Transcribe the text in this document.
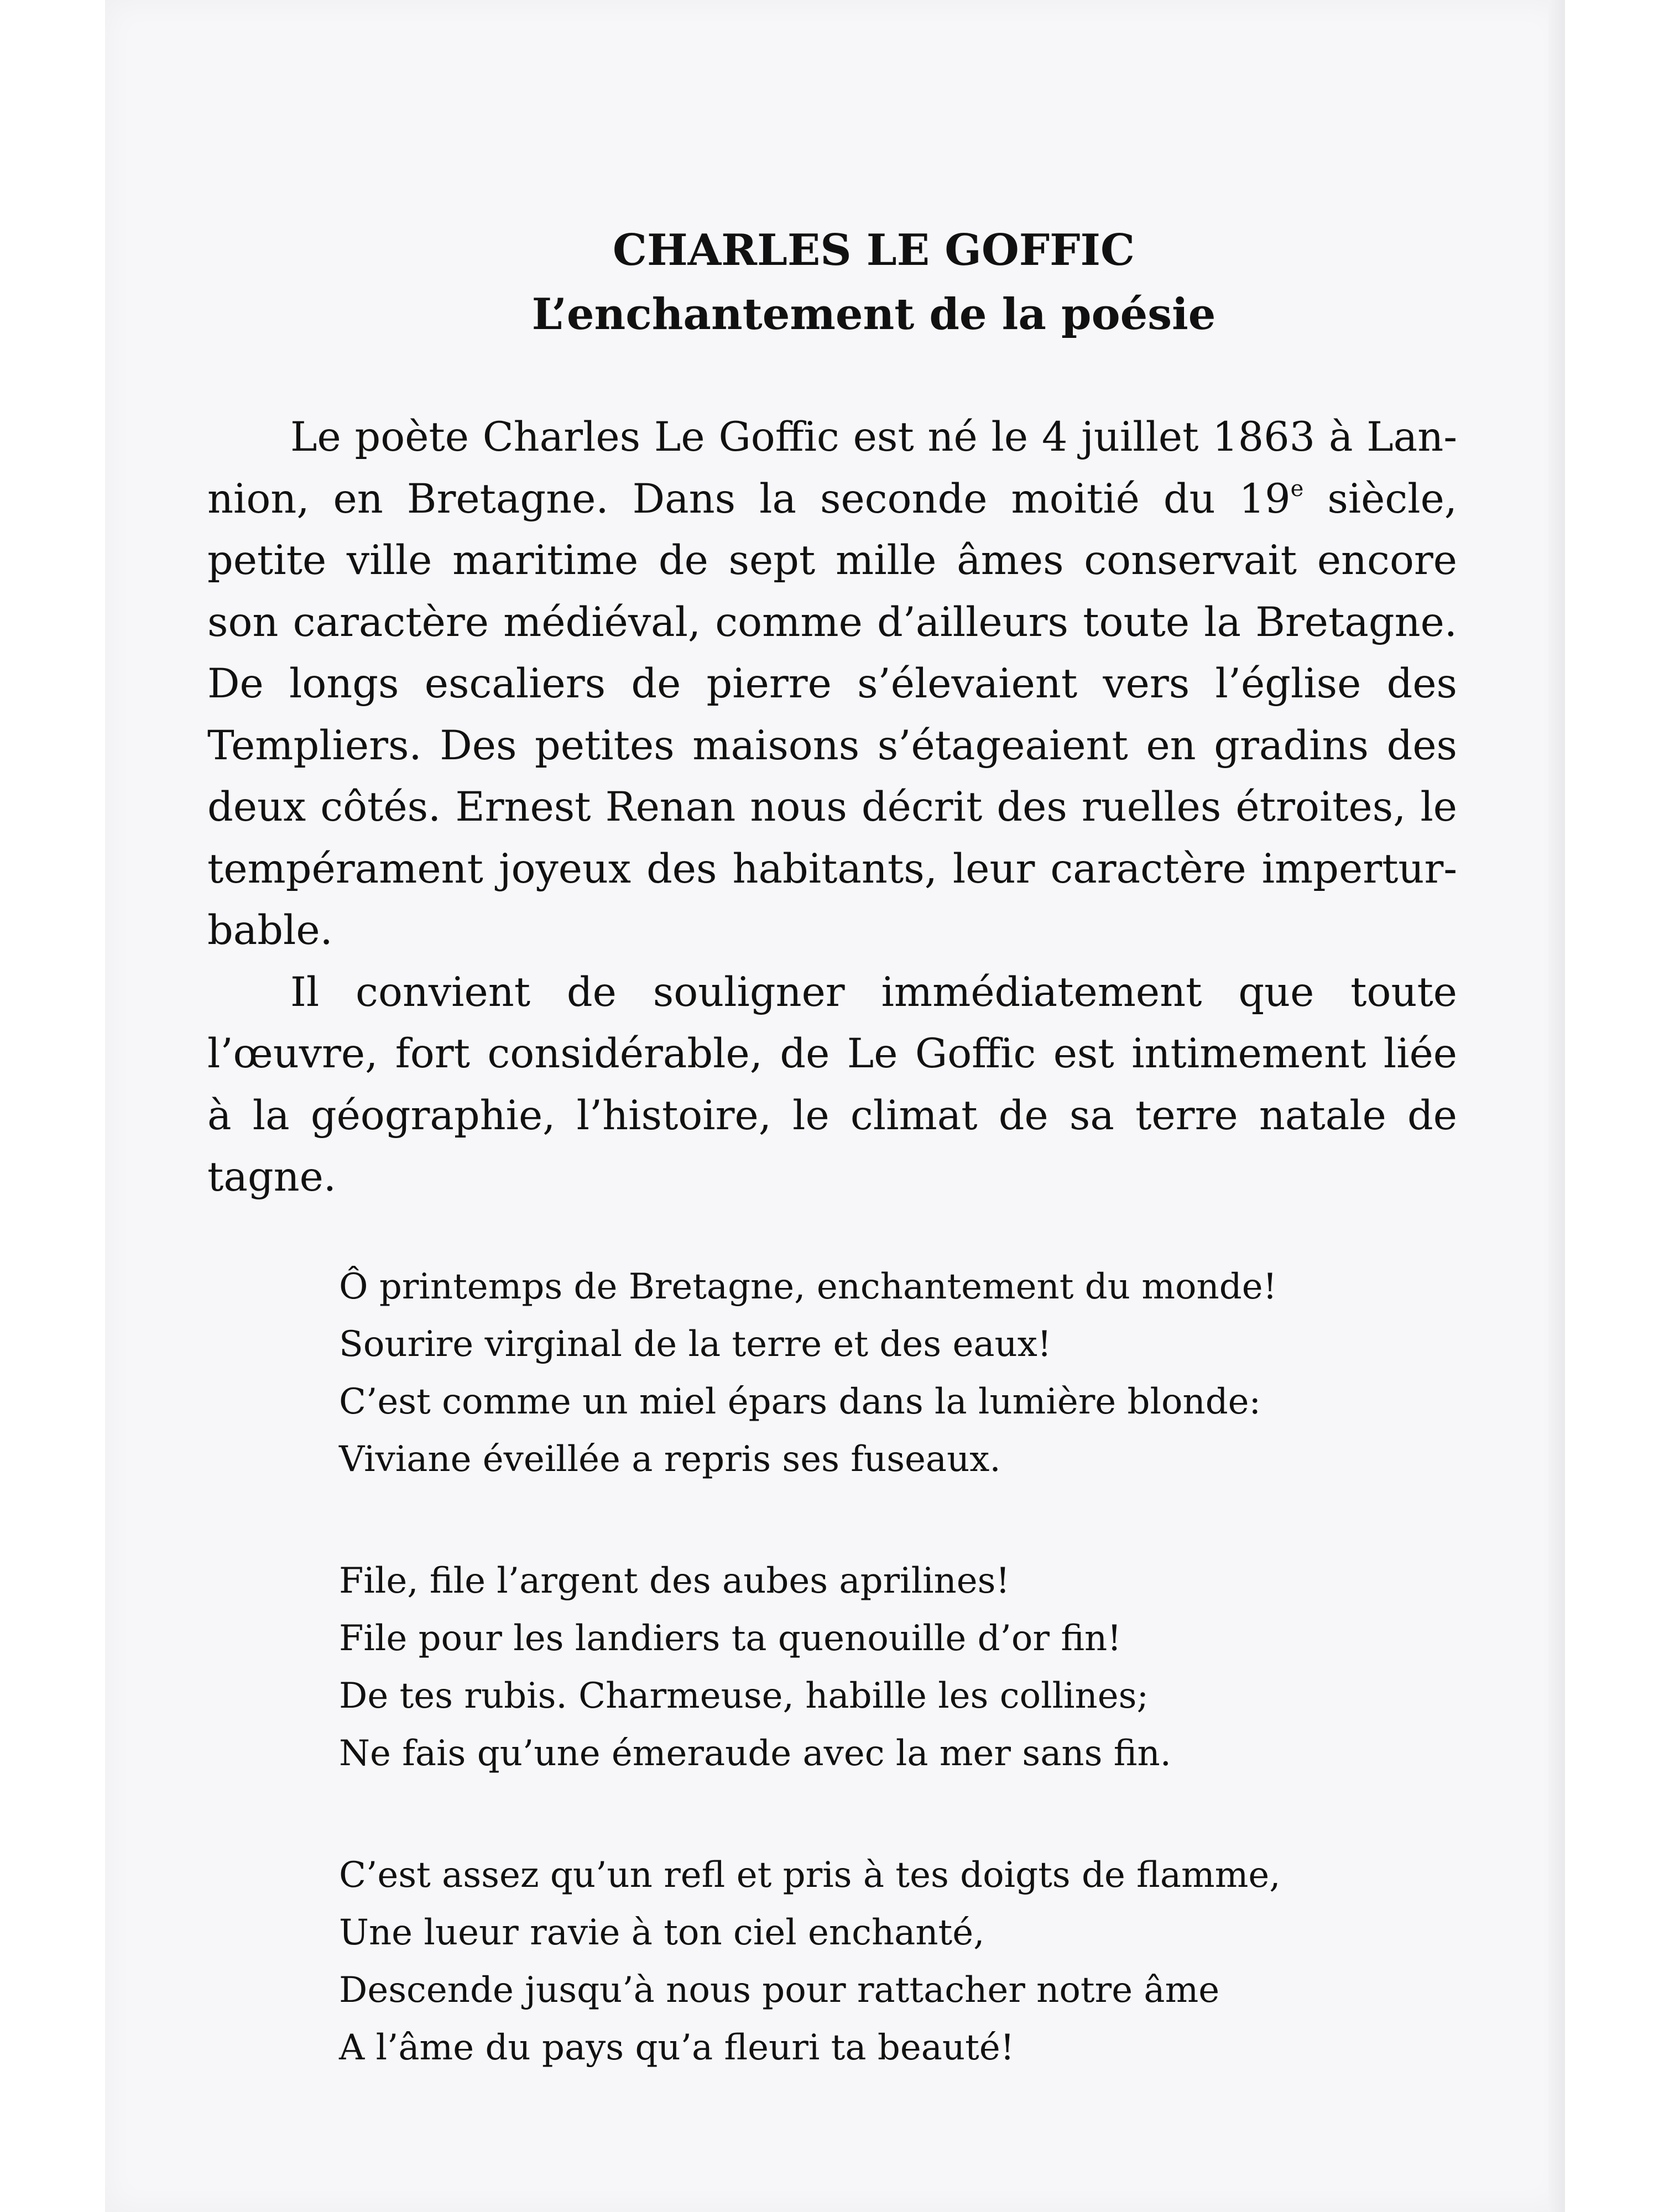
CHARLES LE GOFFIC
L’enchantement de la poésie
Le poète Charles Le Goffic est né le 4 juillet 1863 à Lan-
nion, en Bretagne. Dans la seconde moitié du 19e siècle,
petite ville maritime de sept mille âmes conservait encore
son caractère médiéval, comme d’ailleurs toute la Bretagne.
De longs escaliers de pierre s’élevaient vers l’église des
Templiers. Des petites maisons s’étageaient en gradins des
deux côtés. Ernest Renan nous décrit des ruelles étroites, le
tempérament joyeux des habitants, leur caractère impertur-
bable.
Il convient de souligner immédiatement que toute
l’œuvre, fort considérable, de Le Goffic est intimement liée
à la géographie, l’histoire, le climat de sa terre natale de
tagne.
Ô printemps de Bretagne, enchantement du monde!
Sourire virginal de la terre et des eaux!
C’est comme un miel épars dans la lumière blonde:
Viviane éveillée a repris ses fuseaux.
File, file l’argent des aubes aprilines!
File pour les landiers ta quenouille d’or fin!
De tes rubis. Charmeuse, habille les collines;
Ne fais qu’une émeraude avec la mer sans fin.
C’est assez qu’un refl et pris à tes doigts de flamme,
Une lueur ravie à ton ciel enchanté,
Descende jusqu’à nous pour rattacher notre âme
A l’âme du pays qu’a fleuri ta beauté!
